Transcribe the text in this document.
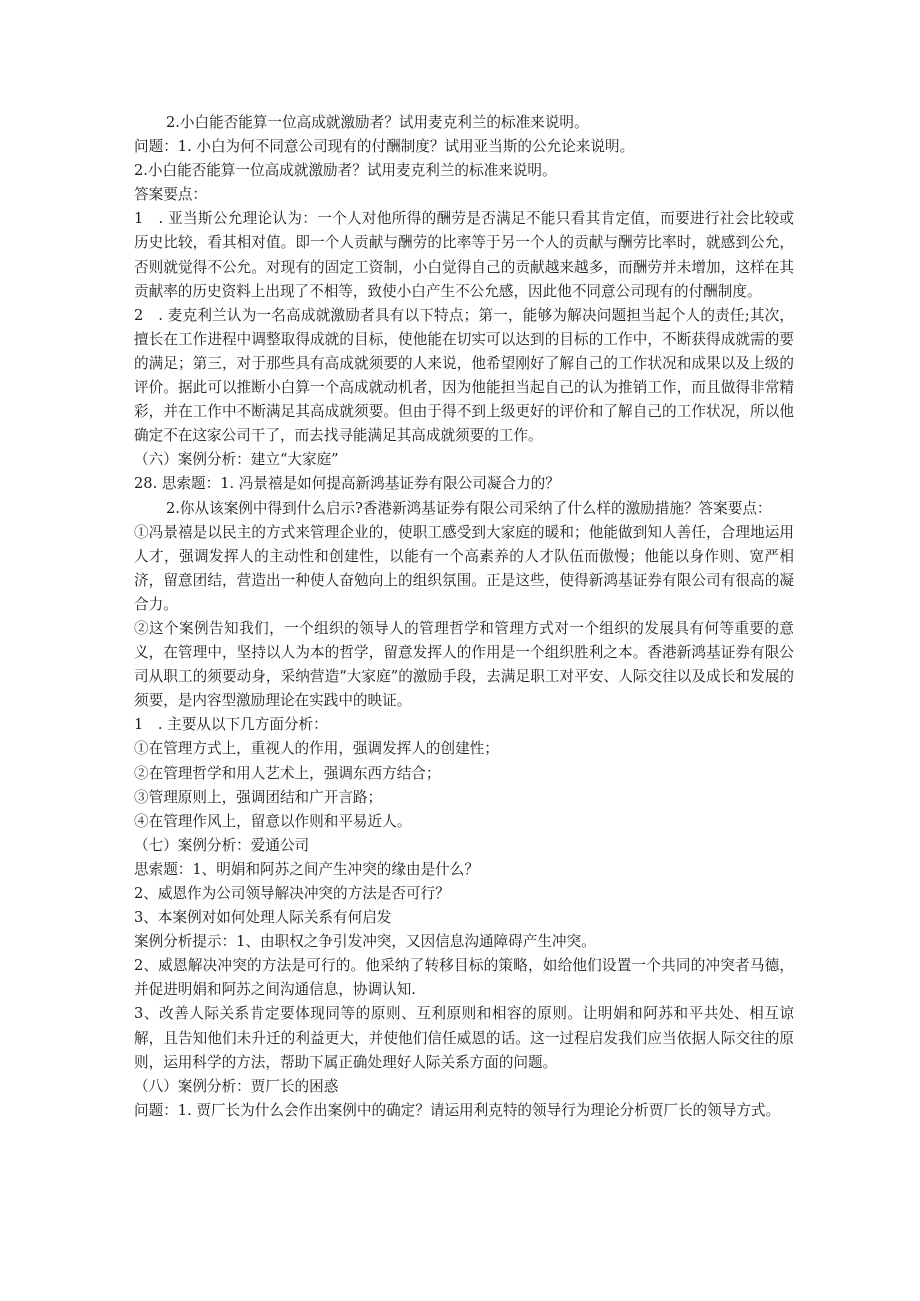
2.小白能否能算一位高成就激励者？试用麦克利兰的标准来说明。

问题：1. 小白为何不同意公司现有的付酬制度？试用亚当斯的公允论来说明。

2.小白能否能算一位高成就激励者？试用麦克利兰的标准来说明。

答案要点：

1　. 亚当斯公允理论认为：一个人对他所得的酬劳是否满足不能只看其肯定值，而要进行社会比较或历史比较，看其相对值。即一个人贡献与酬劳的比率等于另一个人的贡献与酬劳比率时，就感到公允，否则就觉得不公允。对现有的固定工资制，小白觉得自己的贡献越来越多，而酬劳并未增加，这样在其贡献率的历史资料上出现了不相等，致使小白产生不公允感，因此他不同意公司现有的付酬制度。

2　. 麦克利兰认为一名高成就激励者具有以下特点；第一，能够为解决问题担当起个人的责任;其次，擅长在工作进程中调整取得成就的目标，使他能在切实可以达到的目标的工作中，不断获得成就需的要的满足；第三，对于那些具有高成就须要的人来说，他希望刚好了解自己的工作状况和成果以及上级的评价。据此可以推断小白算一个高成就动机者，因为他能担当起自己的认为推销工作，而且做得非常精彩，并在工作中不断满足其高成就须要。但由于得不到上级更好的评价和了解自己的工作状况，所以他确定不在这家公司干了，而去找寻能满足其高成就须要的工作。

（六）案例分析：建立“大家庭”

28. 思索题：1. 冯景禧是如何提高新鸿基证券有限公司凝合力的？

2.你从该案例中得到什么启示?香港新鸿基证券有限公司采纳了什么样的激励措施？答案要点：

①冯景禧是以民主的方式来管理企业的，使职工感受到大家庭的暖和；他能做到知人善任，合理地运用人才，强调发挥人的主动性和创建性，以能有一个高素养的人才队伍而傲慢；他能以身作则、宽严相济，留意团结，营造出一种使人奋勉向上的组织氛围。正是这些，使得新鸿基证券有限公司有很高的凝合力。

②这个案例告知我们，一个组织的领导人的管理哲学和管理方式对一个组织的发展具有何等重要的意义，在管理中，坚持以人为本的哲学，留意发挥人的作用是一个组织胜利之本。香港新鸿基证券有限公司从职工的须要动身，采纳营造“大家庭”的激励手段，去满足职工对平安、人际交往以及成长和发展的须要，是内容型激励理论在实践中的映证。

1　. 主要从以下几方面分析：

①在管理方式上，重视人的作用，强调发挥人的创建性；

②在管理哲学和用人艺术上，强调东西方结合；

③管理原则上，强调团结和广开言路；

④在管理作风上，留意以作则和平易近人。

（七）案例分析：爱通公司

思索题：1、明娟和阿苏之间产生冲突的缘由是什么？

2、威恩作为公司领导解决冲突的方法是否可行？

3、本案例对如何处理人际关系有何启发

案例分析提示：1、由职权之争引发冲突，又因信息沟通障碍产生冲突。

2、威恩解决冲突的方法是可行的。他采纳了转移目标的策略，如给他们设置一个共同的冲突者马德，并促进明娟和阿苏之间沟通信息，协调认知.

3、改善人际关系肯定要体现同等的原则、互利原则和相容的原则。让明娟和阿苏和平共处、相互谅解，且告知他们未升迁的利益更大，并使他们信任威恩的话。这一过程启发我们应当依据人际交往的原则，运用科学的方法，帮助下属正确处理好人际关系方面的问题。

（八）案例分析：贾厂长的困惑

问题：1. 贾厂长为什么会作出案例中的确定？请运用利克特的领导行为理论分析贾厂长的领导方式。
